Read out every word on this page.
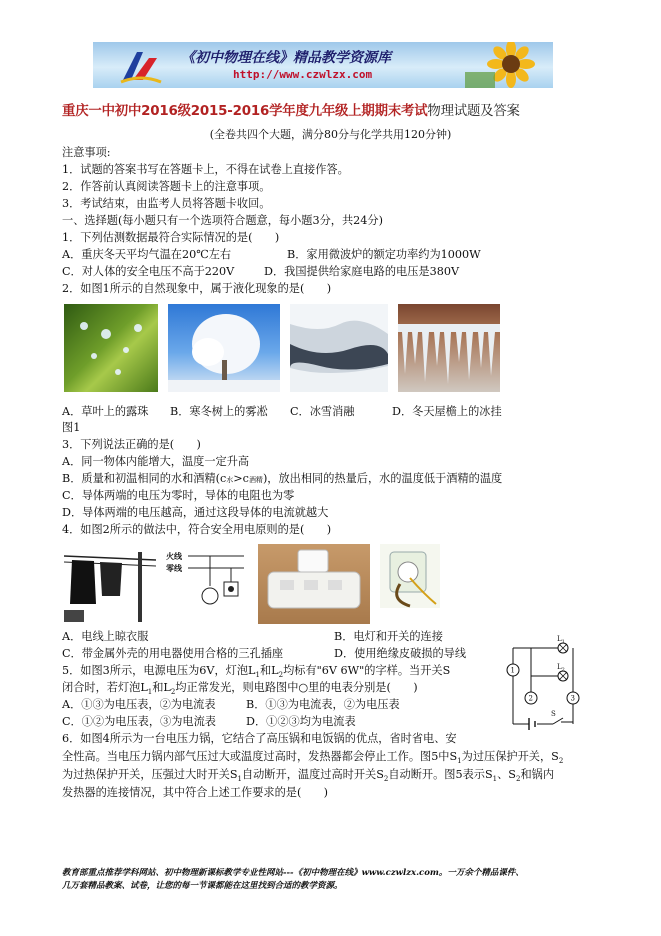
《初中物理在线》精品教学资源库
http://www.czwlzx.com
重庆一中初中2016级2015-2016学年度九年级上期期末考试物理试题及答案
(全卷共四个大题，满分80分与化学共用120分钟)
注意事项:
1．试题的答案书写在答题卡上，不得在试卷上直接作答。
2．作答前认真阅读答题卡上的注意事项。
3．考试结束，由监考人员将答题卡收回。
一、选择题(每小题只有一个选项符合题意，每小题3分，共24分)
1．下列估测数据最符合实际情况的是(　　)
A．重庆冬天平均气温在20℃左右	B．家用微波炉的额定功率约为1000W
C．对人体的安全电压不高于220V	D．我国提供给家庭电路的电压是380V
2．如图1所示的自然现象中，属于液化现象的是(　　)
A．草叶上的露珠 B．寒冬树上的雾凇 C．冰雪消融	D．冬天屋檐上的冰挂
图1
3．下列说法正确的是(　　)
A．同一物体内能增大，温度一定升高
B．质量和初温相同的水和酒精(c水>c酒精)，放出相同的热量后，水的温度低于酒精的温度
C．导体两端的电压为零时，导体的电阻也为零
D．导体两端的电压越高，通过这段导体的电流就越大
4．如图2所示的做法中，符合安全用电原则的是(　　)
火线
零线
A．电线上晾衣服	B．电灯和开关的连接
C．带金属外壳的用电器使用合格的三孔插座	D．使用绝缘皮破损的导线
5．如图3所示，电源电压为6V，灯泡$L_1$和$L_2$均标有"6V 6W"的字样。当开关S
闭合时，若灯泡$L_1$和$L_2$均正常发光，则电路图中○里的电表分别是(　　)
A．①③为电压表，②为电流表	B．①③为电流表，②为电压表
C．①②为电压表，③为电流表	D．①②③均为电流表
1
2	3
$L_1$
$L_2$
S
6．如图4所示为一台电压力锅，它结合了高压锅和电饭锅的优点，省时省电、安
全性高。当电压力锅内部气压过大或温度过高时，发热器都会停止工作。图5中$S_1$为过压保护开关，$S_2$
为过热保护开关，压强过大时开关$S_1$自动断开，温度过高时开关$S_2$自动断开。图5表示$S_1$、$S_2$和锅内
发热器的连接情况，其中符合上述工作要求的是(　　)
教育部重点推荐学科网站、初中物理新课标教学专业性网站---《初中物理在线》www.czwlzx.com。一万余个精品课件、
几万套精品教案、试卷，让您的每一节课都能在这里找到合适的教学资源。
